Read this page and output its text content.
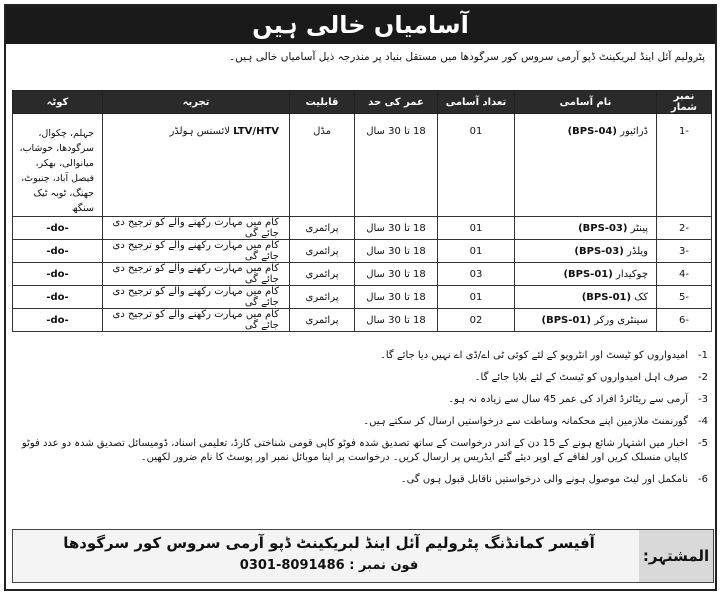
آسامیاں خالی ہیں
پٹرولیم آئل اینڈ لبریکینٹ ڈپو آرمی سروس کور سرگودھا میں مستقل بنیاد پر مندرجہ ذیل آسامیاں خالی ہیں۔
نمبر شمار	نام آسامی	تعداد آسامی	عمر کی حد	قابلیت	تجربہ	کوٹہ
-1	ڈرائیور (BPS-04)	01	18 تا 30 سال	مڈل	LTV/HTV لائسنس ہولڈر	جہلم، چکوال، سرگودھا، خوشاب، میانوالی، بھکر، فیصل آباد، چنیوٹ، جھنگ، ٹوبہ ٹیک سنگھ
-2	پینٹر (BPS-03)	01	18 تا 30 سال	پرائمری	کام میں مہارت رکھنے والے کو ترجیح دی جائے گی	-do-
-3	ویلڈر (BPS-03)	01	18 تا 30 سال	پرائمری	کام میں مہارت رکھنے والے کو ترجیح دی جائے گی	-do-
-4	چوکیدار (BPS-01)	03	18 تا 30 سال	پرائمری	کام میں مہارت رکھنے والے کو ترجیح دی جائے گی	-do-
-5	کک (BPS-01)	01	18 تا 30 سال	پرائمری	کام میں مہارت رکھنے والے کو ترجیح دی جائے گی	-do-
-6	سینٹری ورکر (BPS-01)	02	18 تا 30 سال	پرائمری	کام میں مہارت رکھنے والے کو ترجیح دی جائے گی	-do-
-1
امیدواروں کو ٹیسٹ اور انٹرویو کے لئے کوئی ٹی اے/ڈی اے نہیں دیا جائے گا۔
-2
صرف اہل امیدواروں کو ٹیسٹ کے لئے بلایا جائے گا۔
-3
آرمی سے ریٹائرڈ افراد کی عمر 45 سال سے زیادہ نہ ہو۔
-4
گورنمنٹ ملازمین اپنے محکمانہ وساطت سے درخواستیں ارسال کر سکتے ہیں۔
-5
اخبار میں اشتہار شائع ہونے کے 15 دن کے اندر درخواست کے ساتھ تصدیق شدہ فوٹو کاپی قومی شناختی کارڈ، تعلیمی اسناد، ڈومیسائل تصدیق شدہ دو عدد فوٹو کاپیاں منسلک کریں اور لفافے کے اوپر دیئے گئے ایڈریس پر ارسال کریں۔ درخواست پر اپنا موبائل نمبر اور پوسٹ کا نام ضرور لکھیں۔
-6
نامکمل اور لیٹ موصول ہونے والی درخواستیں ناقابل قبول ہوں گی۔
المشتہر:
آفیسر کمانڈنگ پٹرولیم آئل اینڈ لبریکینٹ ڈپو آرمی سروس کور سرگودھا
فون نمبر : 0301-8091486
